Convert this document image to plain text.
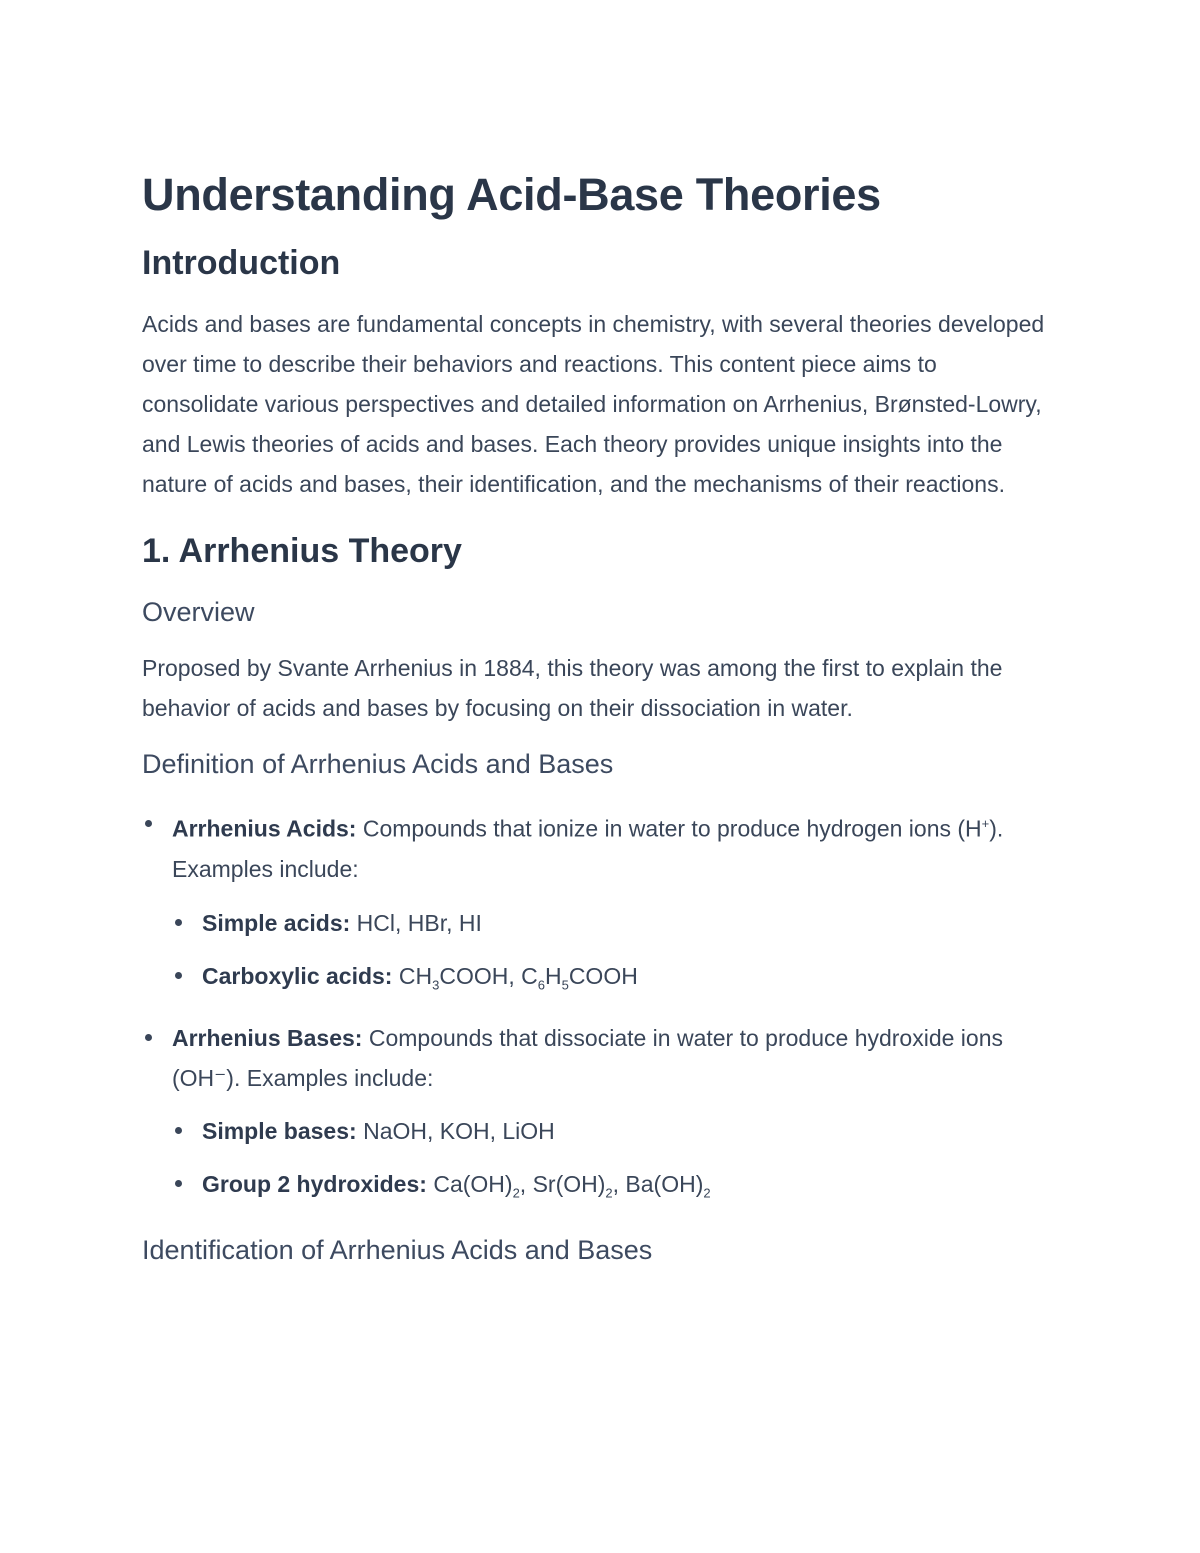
Understanding Acid-Base Theories
Introduction

Acids and bases are fundamental concepts in chemistry, with several theories developed over time to describe their behaviors and reactions. This content piece aims to consolidate various perspectives and detailed information on Arrhenius, Brønsted-Lowry, and Lewis theories of acids and bases. Each theory provides unique insights into the nature of acids and bases, their identification, and the mechanisms of their reactions.

1. Arrhenius Theory
Overview

Proposed by Svante Arrhenius in 1884, this theory was among the first to explain the behavior of acids and bases by focusing on their dissociation in water.

Definition of Arrhenius Acids and Bases
Arrhenius Acids: Compounds that ionize in water to produce hydrogen ions (H+). Examples include:
Simple acids: HCl, HBr, HI
Carboxylic acids: $CH_3COOH$, $C_6H_5COOH$
Arrhenius Bases: Compounds that dissociate in water to produce hydroxide ions (OH⁻). Examples include:
Simple bases: NaOH, KOH, LiOH
Group 2 hydroxides: $Ca(OH)_2$, $Sr(OH)_2$, $Ba(OH)_2$
Identification of Arrhenius Acids and Bases
